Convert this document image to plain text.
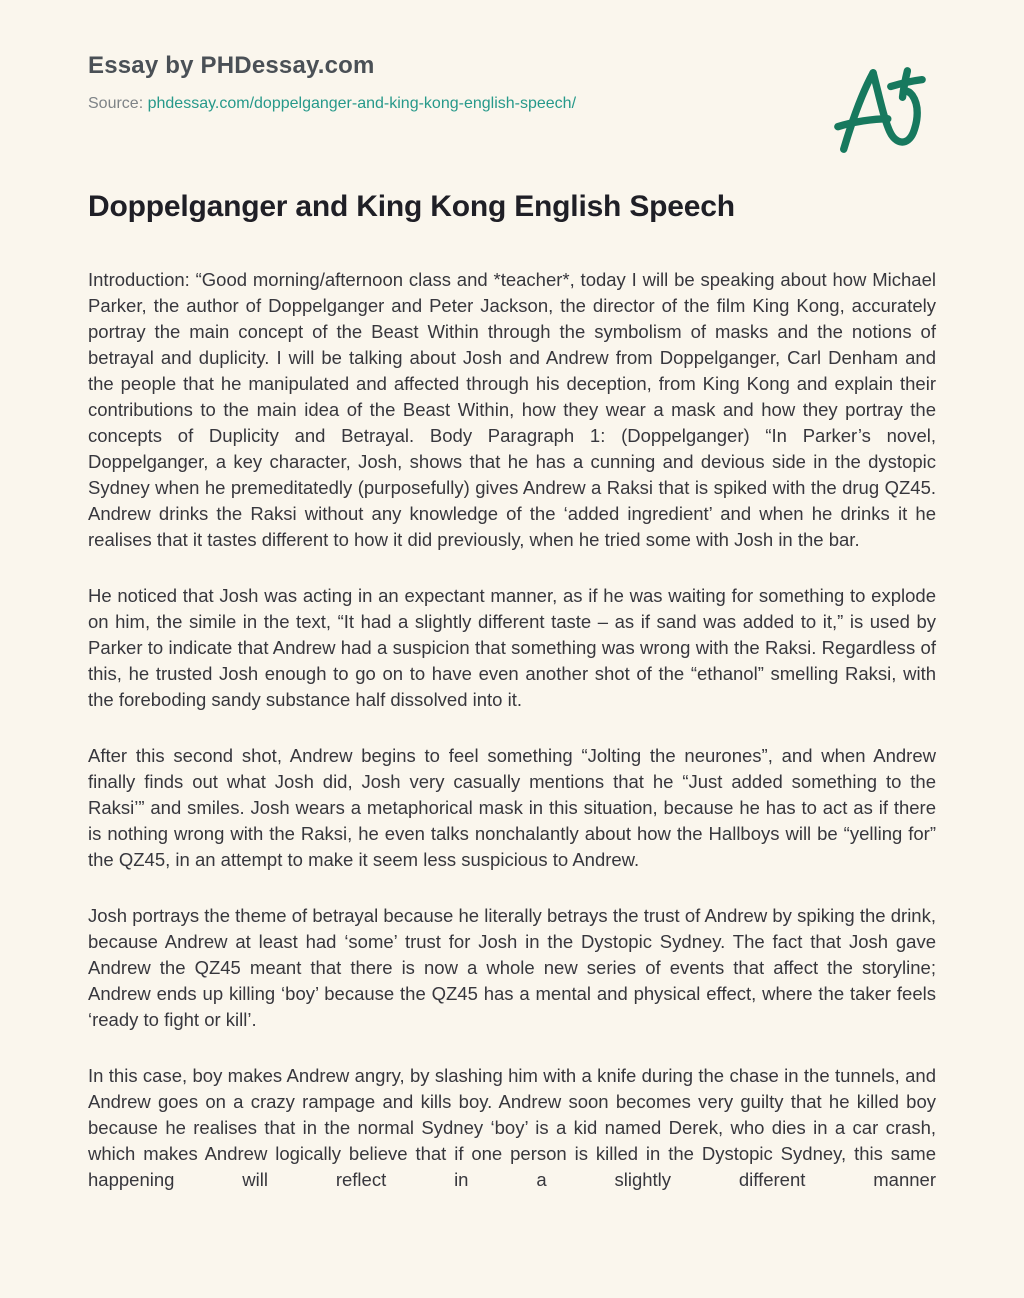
Essay by PHDessay.com

Source: phdessay.com/doppelganger-and-king-kong-english-speech/

Doppelganger and King Kong English Speech

Introduction: “Good morning/afternoon class and *teacher*, today I will be speaking about how Michael Parker, the author of Doppelganger and Peter Jackson, the director of the film King Kong, accurately portray the main concept of the Beast Within through the symbolism of masks and the notions of betrayal and duplicity. I will be talking about Josh and Andrew from Doppelganger, Carl Denham and the people that he manipulated and affected through his deception, from King Kong and explain their contributions to the main idea of the Beast Within, how they wear a mask and how they portray the concepts of Duplicity and Betrayal. Body Paragraph 1: (Doppelganger) “In Parker’s novel, Doppelganger, a key character, Josh, shows that he has a cunning and devious side in the dystopic Sydney when he premeditatedly (purposefully) gives Andrew a Raksi that is spiked with the drug QZ45. Andrew drinks the Raksi without any knowledge of the ‘added ingredient’ and when he drinks it he realises that it tastes different to how it did previously, when he tried some with Josh in the bar.

He noticed that Josh was acting in an expectant manner, as if he was waiting for something to explode on him, the simile in the text, “It had a slightly different taste – as if sand was added to it,” is used by Parker to indicate that Andrew had a suspicion that something was wrong with the Raksi. Regardless of this, he trusted Josh enough to go on to have even another shot of the “ethanol” smelling Raksi, with the foreboding sandy substance half dissolved into it.

After this second shot, Andrew begins to feel something “Jolting the neurones”, and when Andrew finally finds out what Josh did, Josh very casually mentions that he “Just added something to the Raksi’” and smiles. Josh wears a metaphorical mask in this situation, because he has to act as if there is nothing wrong with the Raksi, he even talks nonchalantly about how the Hallboys will be “yelling for” the QZ45, in an attempt to make it seem less suspicious to Andrew.

Josh portrays the theme of betrayal because he literally betrays the trust of Andrew by spiking the drink, because Andrew at least had ‘some’ trust for Josh in the Dystopic Sydney. The fact that Josh gave Andrew the QZ45 meant that there is now a whole new series of events that affect the storyline; Andrew ends up killing ‘boy’ because the QZ45 has a mental and physical effect, where the taker feels ‘ready to fight or kill’.

In this case, boy makes Andrew angry, by slashing him with a knife during the chase in the tunnels, and Andrew goes on a crazy rampage and kills boy. Andrew soon becomes very guilty that he killed boy because he realises that in the normal Sydney ‘boy’ is a kid named Derek, who dies in a car crash, which makes Andrew logically believe that if one person is killed in the Dystopic Sydney, this same happening will reflect in a slightly different manner
